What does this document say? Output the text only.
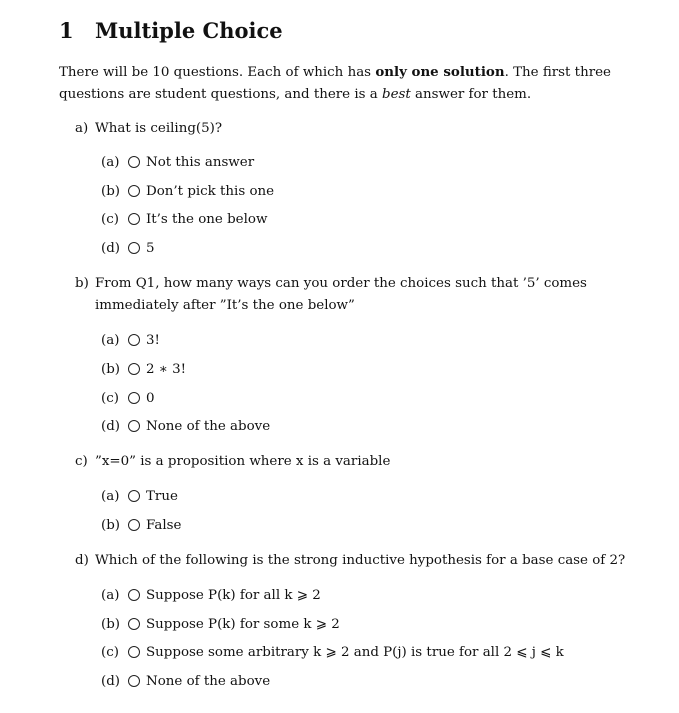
1 Multiple Choice
There will be 10 questions. Each of which has only one solution. The first three questions are student questions, and there is a best answer for them.
a) What is ceiling(5)?
(a) Not this answer
(b) Don’t pick this one
(c) It’s the one below
(d) 5
b) From Q1, how many ways can you order the choices such that ’5’ comes immediately after ”It’s the one below”
(a) 3!
(b) 2 ∗ 3!
(c) 0
(d) None of the above
c) ”x=0” is a proposition where x is a variable
(a) True
(b) False
d) Which of the following is the strong inductive hypothesis for a base case of 2?
(a) Suppose P(k) for all k ⩾ 2
(b) Suppose P(k) for some k ⩾ 2
(c) Suppose some arbitrary k ⩾ 2 and P(j) is true for all 2 ⩽ j ⩽ k
(d) None of the above
